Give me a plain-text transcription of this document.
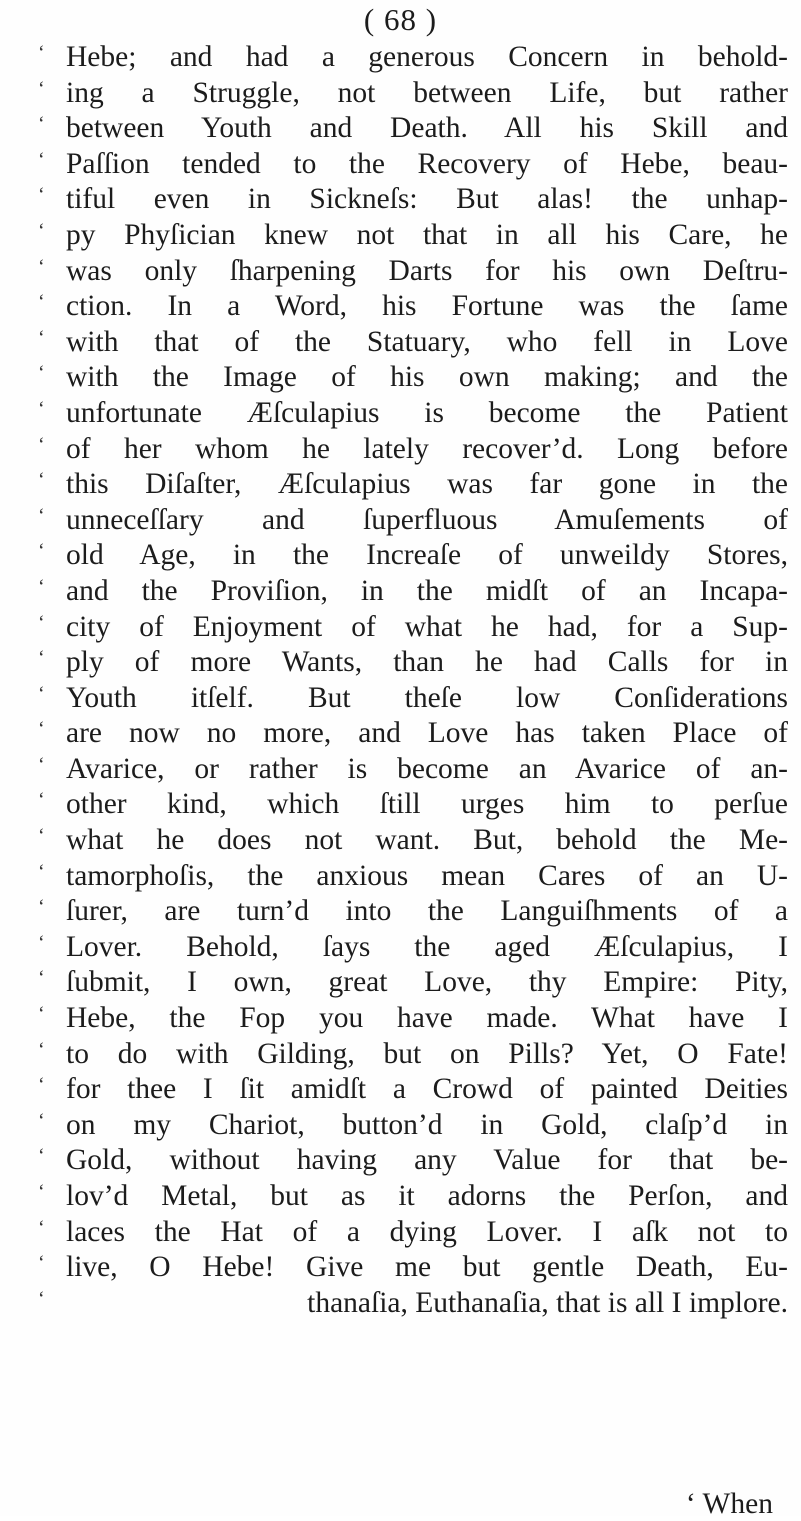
( 68 )
‘ Hebe; and had a generous Concern in behold-
‘ ing a Struggle, not between Life, but rather
‘ between Youth and Death. All his Skill and
‘ Paſſion tended to the Recovery of Hebe, beau-
‘ tiful even in Sickneſs: But alas! the unhap-
‘ py Phyſician knew not that in all his Care, he
‘ was only ſharpening Darts for his own Deſtru-
‘ ction. In a Word, his Fortune was the ſame
‘ with that of the Statuary, who fell in Love
‘ with the Image of his own making; and the
‘ unfortunate Æſculapius is become the Patient
‘ of her whom he lately recover’d. Long before
‘ this Diſaſter, Æſculapius was far gone in the
‘ unneceſſary and ſuperfluous Amuſements of
‘ old Age, in the Increaſe of unweildy Stores,
‘ and the Proviſion, in the midſt of an Incapa-
‘ city of Enjoyment of what he had, for a Sup-
‘ ply of more Wants, than he had Calls for in
‘ Youth itſelf. But theſe low Conſiderations
‘ are now no more, and Love has taken Place of
‘ Avarice, or rather is become an Avarice of an-
‘ other kind, which ſtill urges him to perſue
‘ what he does not want. But, behold the Me-
‘ tamorphoſis, the anxious mean Cares of an U-
‘ ſurer, are turn’d into the Languiſhments of a
‘ Lover. Behold, ſays the aged Æſculapius, I
‘ ſubmit, I own, great Love, thy Empire: Pity,
‘ Hebe, the Fop you have made. What have I
‘ to do with Gilding, but on Pills? Yet, O Fate!
‘ for thee I ſit amidſt a Crowd of painted Deities
‘ on my Chariot, button’d in Gold, claſp’d in
‘ Gold, without having any Value for that be-
‘ lov’d Metal, but as it adorns the Perſon, and
‘ laces the Hat of a dying Lover. I aſk not to
‘ live, O Hebe! Give me but gentle Death, Eu-
‘	thanaſia, Euthanaſia, that is all I implore.
‘ When
